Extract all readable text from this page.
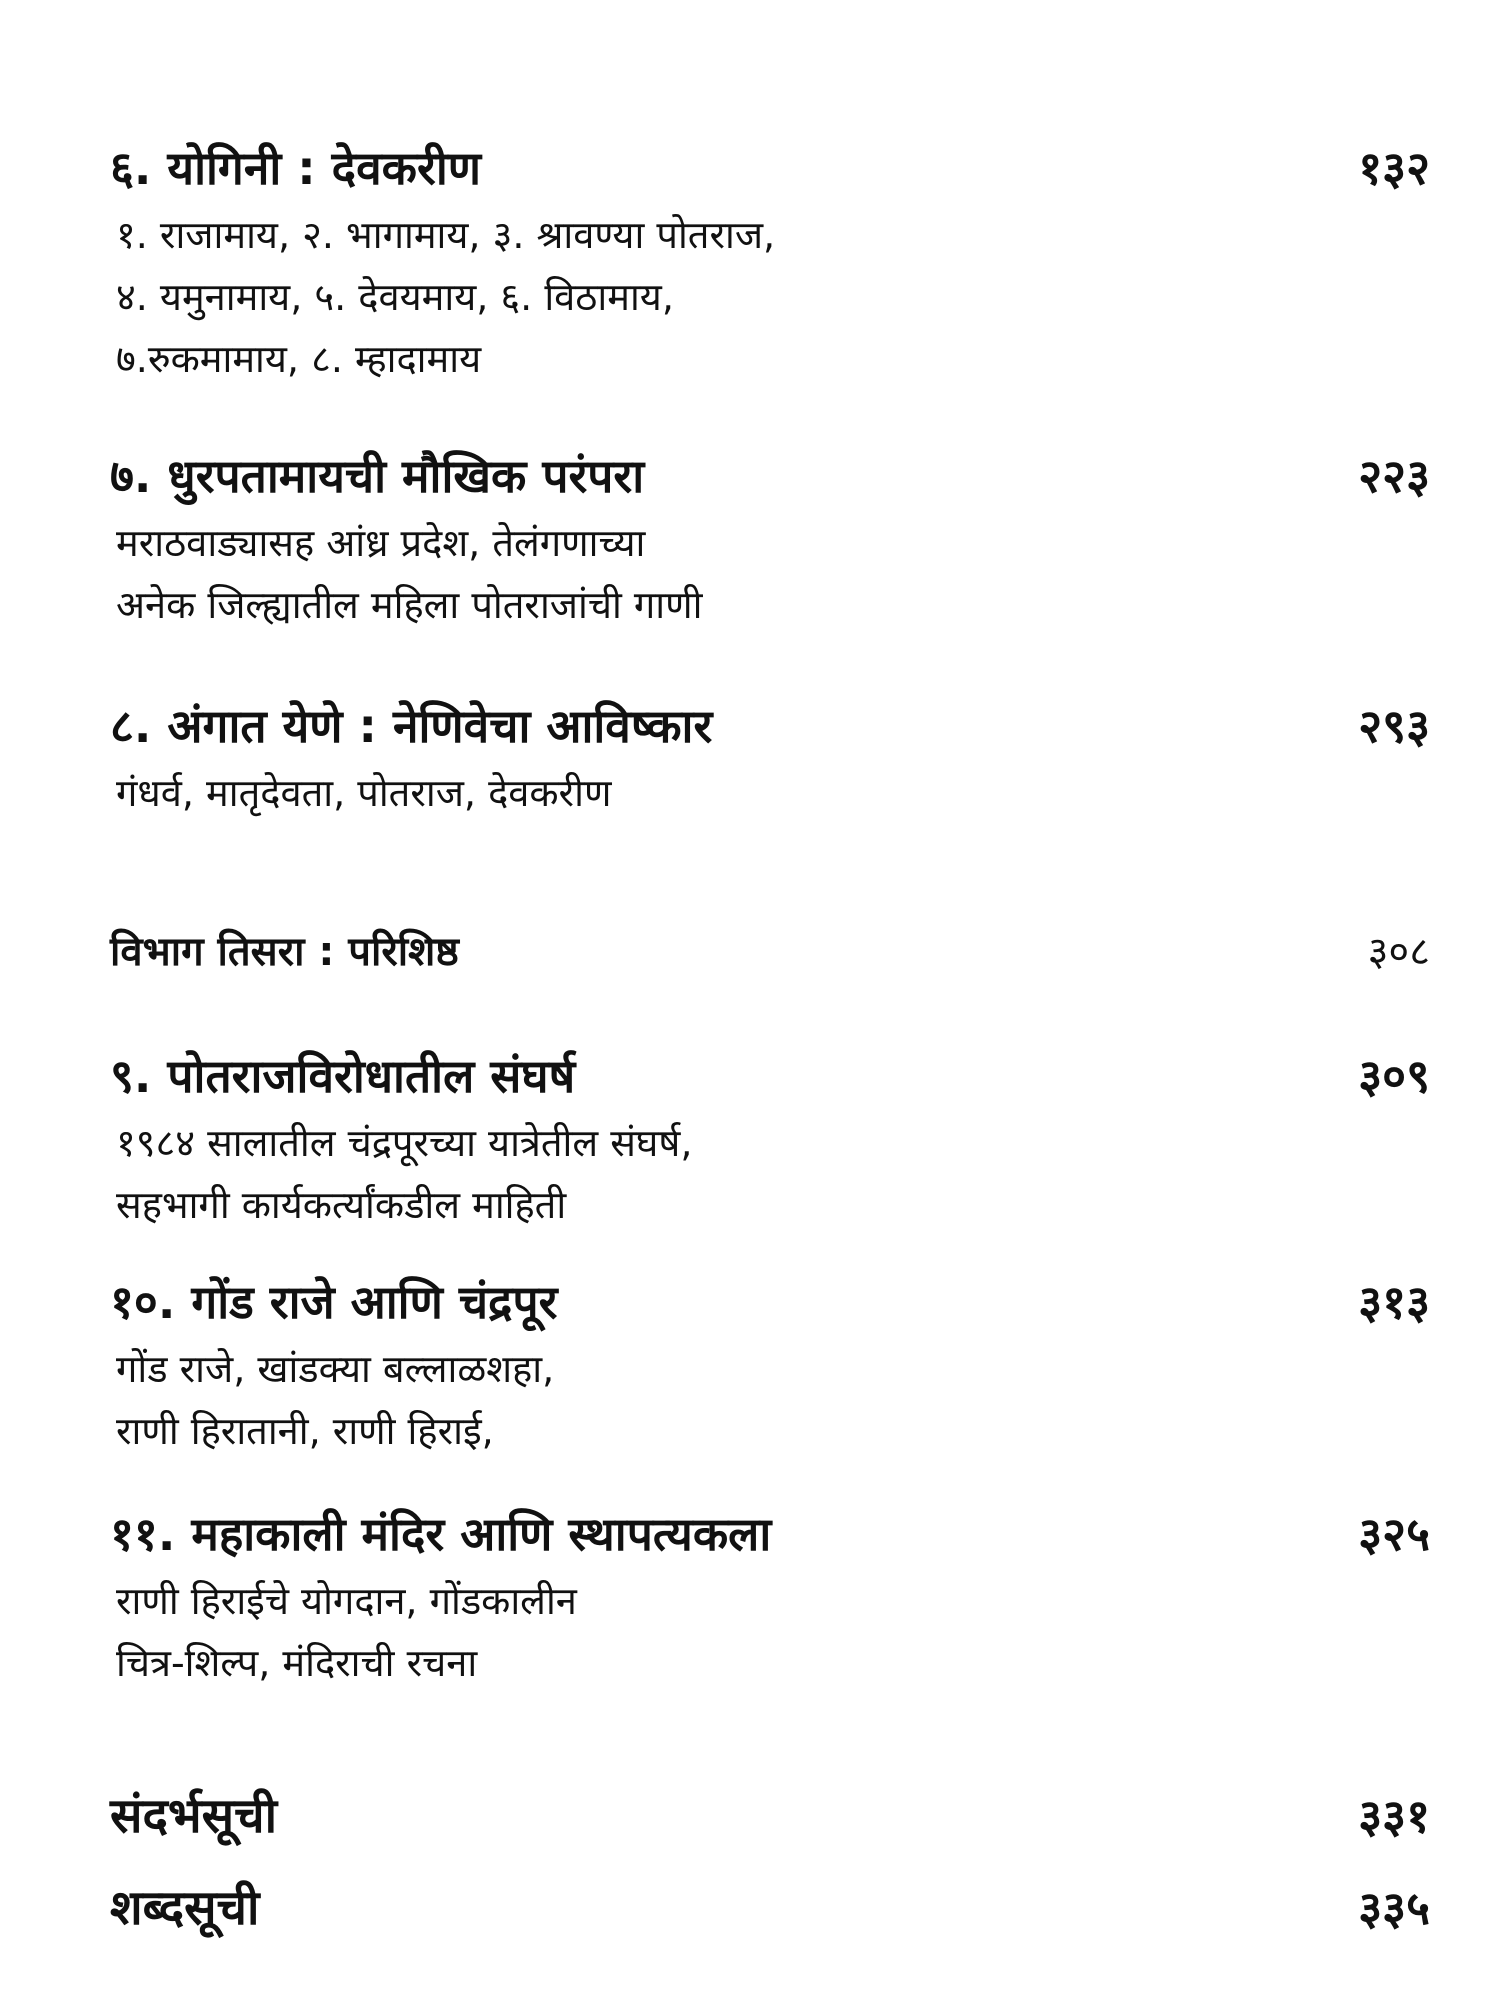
६. योगिनी : देवकरीण	१३२
१. राजामाय, २. भागामाय, ३. श्रावण्या पोतराज,
४. यमुनामाय, ५. देवयमाय, ६. विठामाय,
७.रुकमामाय, ८. म्हादामाय
७. धुरपतामायची मौखिक परंपरा	२२३
मराठवाड्यासह आंध्र प्रदेश, तेलंगणाच्या
अनेक जिल्ह्यातील महिला पोतराजांची गाणी
८. अंगात येणे : नेणिवेचा आविष्कार	२९३
गंधर्व, मातृदेवता, पोतराज, देवकरीण
विभाग तिसरा : परिशिष्ठ	३०८
९. पोतराजविरोधातील संघर्ष	३०९
१९८४ सालातील चंद्रपूरच्या यात्रेतील संघर्ष,
सहभागी कार्यकर्त्यांकडील माहिती
१०. गोंड राजे आणि चंद्रपूर	३१३
गोंड राजे, खांडक्या बल्लाळशहा,
राणी हिरातानी, राणी हिराई,
११. महाकाली मंदिर आणि स्थापत्यकला	३२५
राणी हिराईचे योगदान, गोंडकालीन
चित्र-शिल्प, मंदिराची रचना
संदर्भसूची	३३१
शब्दसूची	३३५
